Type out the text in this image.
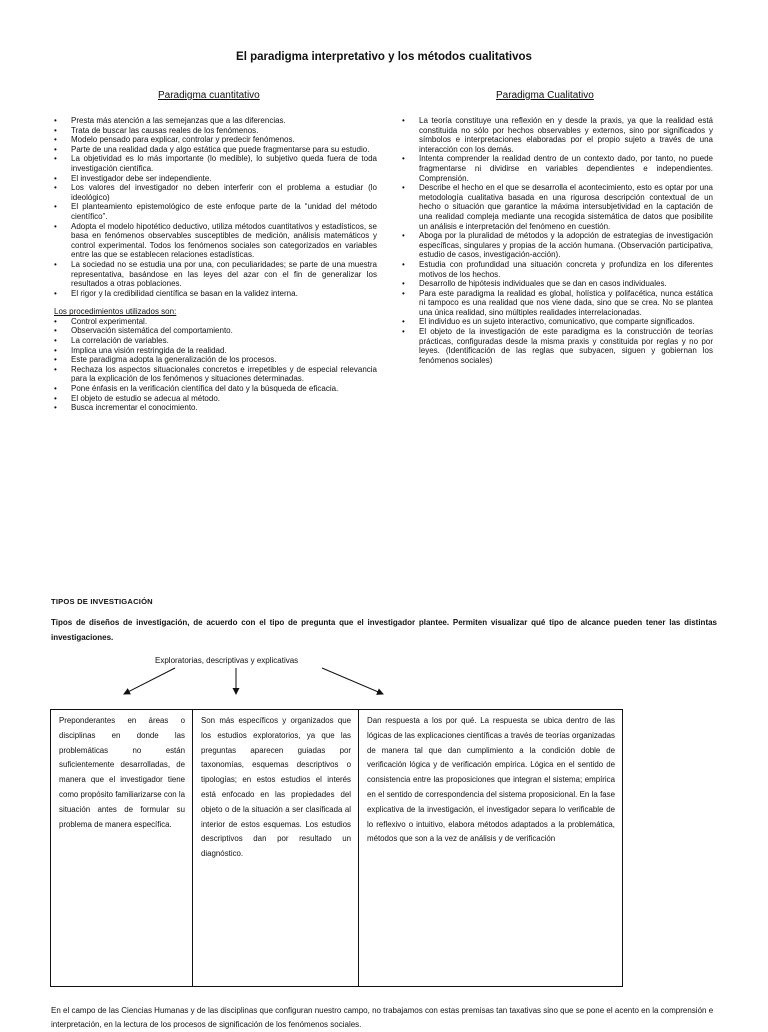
El paradigma interpretativo y los métodos cualitativos
Paradigma cuantitativo	Paradigma Cualitativo
• Presta más atención a las semejanzas que a las diferencias.
• Trata de buscar las causas reales de los fenómenos.
• Modelo pensado para explicar, controlar y predecir fenómenos.
• Parte de una realidad dada y algo estática que puede fragmentarse para su estudio.
• La objetividad es lo más importante (lo medible), lo subjetivo queda fuera de toda investigación científica.
• El investigador debe ser independiente.
• Los valores del investigador no deben interferir con el problema a estudiar (lo ideológico)
• El planteamiento epistemológico de este enfoque parte de la “unidad del método científico”.
• Adopta el modelo hipotético deductivo, utiliza métodos cuantitativos y estadísticos, se basa en fenómenos observables susceptibles de medición, análisis matemáticos y control experimental. Todos los fenómenos sociales son categorizados en variables entre las que se establecen relaciones estadísticas.
• La sociedad no se estudia una por una, con peculiaridades; se parte de una muestra representativa, basándose en las leyes del azar con el fin de generalizar los resultados a otras poblaciones.
• El rigor y la credibilidad científica se basan en la validez interna.
Los procedimientos utilizados son:
• Control experimental.
• Observación sistemática del comportamiento.
• La correlación de variables.
• Implica una visión restringida de la realidad.
• Este paradigma adopta la generalización de los procesos.
• Rechaza los aspectos situacionales concretos e irrepetibles y de especial relevancia para la explicación de los fenómenos y situaciones determinadas.
• Pone énfasis en la verificación científica del dato y la búsqueda de eficacia.
• El objeto de estudio se adecua al método.
• Busca incrementar el conocimiento.
• La teoría constituye una reflexión en y desde la praxis, ya que la realidad está constituida no sólo por hechos observables y externos, sino por significados y símbolos e interpretaciones elaboradas por el propio sujeto a través de una interacción con los demás.
• Intenta comprender la realidad dentro de un contexto dado, por tanto, no puede fragmentarse ni dividirse en variables dependientes e independientes. Comprensión.
• Describe el hecho en el que se desarrolla el acontecimiento, esto es optar por una metodología cualitativa basada en una rigurosa descripción contextual de un hecho o situación que garantice la máxima intersubjetividad en la captación de una realidad compleja mediante una recogida sistemática de datos que posibilite un análisis e interpretación del fenómeno en cuestión.
• Aboga por la pluralidad de métodos y la adopción de estrategias de investigación específicas, singulares y propias de la acción humana. (Observación participativa, estudio de casos, investigación-acción).
• Estudia con profundidad una situación concreta y profundiza en los diferentes motivos de los hechos.
• Desarrollo de hipótesis individuales que se dan en casos individuales.
• Para este paradigma la realidad es global, holística y polifacética, nunca estática ni tampoco es una realidad que nos viene dada, sino que se crea. No se plantea una única realidad, sino múltiples realidades interrelacionadas.
• El individuo es un sujeto interactivo, comunicativo, que comparte significados.
• El objeto de la investigación de este paradigma es la construcción de teorías prácticas, configuradas desde la misma praxis y constituida por reglas y no por leyes. (Identificación de las reglas que subyacen, siguen y gobiernan los fenómenos sociales)
TIPOS DE INVESTIGACIÓN
Tipos de diseños de investigación, de acuerdo con el tipo de pregunta que el investigador plantee. Permiten visualizar qué tipo de alcance pueden tener las distintas investigaciones.
Exploratorias, descriptivas y explicativas
Preponderantes en áreas o disciplinas en donde las problemáticas no están suficientemente desarrolladas, de manera que el investigador tiene como propósito familiarizarse con la situación antes de formular su problema de manera específica.
Son más específicos y organizados que los estudios exploratorios, ya que las preguntas aparecen guiadas por taxonomías, esquemas descriptivos o tipologías; en estos estudios el interés está enfocado en las propiedades del objeto o de la situación a ser clasificada al interior de estos esquemas. Los estudios descriptivos dan por resultado un diagnóstico.
Dan respuesta a los por qué. La respuesta se ubica dentro de las lógicas de las explicaciones científicas a través de teorías organizadas de manera tal que dan cumplimiento a la condición doble de verificación lógica y de verificación empírica. Lógica en el sentido de consistencia entre las proposiciones que integran el sistema; empírica en el sentido de correspondencia del sistema proposicional. En la fase explicativa de la investigación, el investigador separa lo verificable de lo reflexivo o intuitivo, elabora métodos adaptados a la problemática, métodos que son a la vez de análisis y de verificación
En el campo de las Ciencias Humanas y de las disciplinas que configuran nuestro campo, no trabajamos con estas premisas tan taxativas sino que se pone el acento en la comprensión e interpretación, en la lectura de los procesos de significación de los fenómenos sociales.
